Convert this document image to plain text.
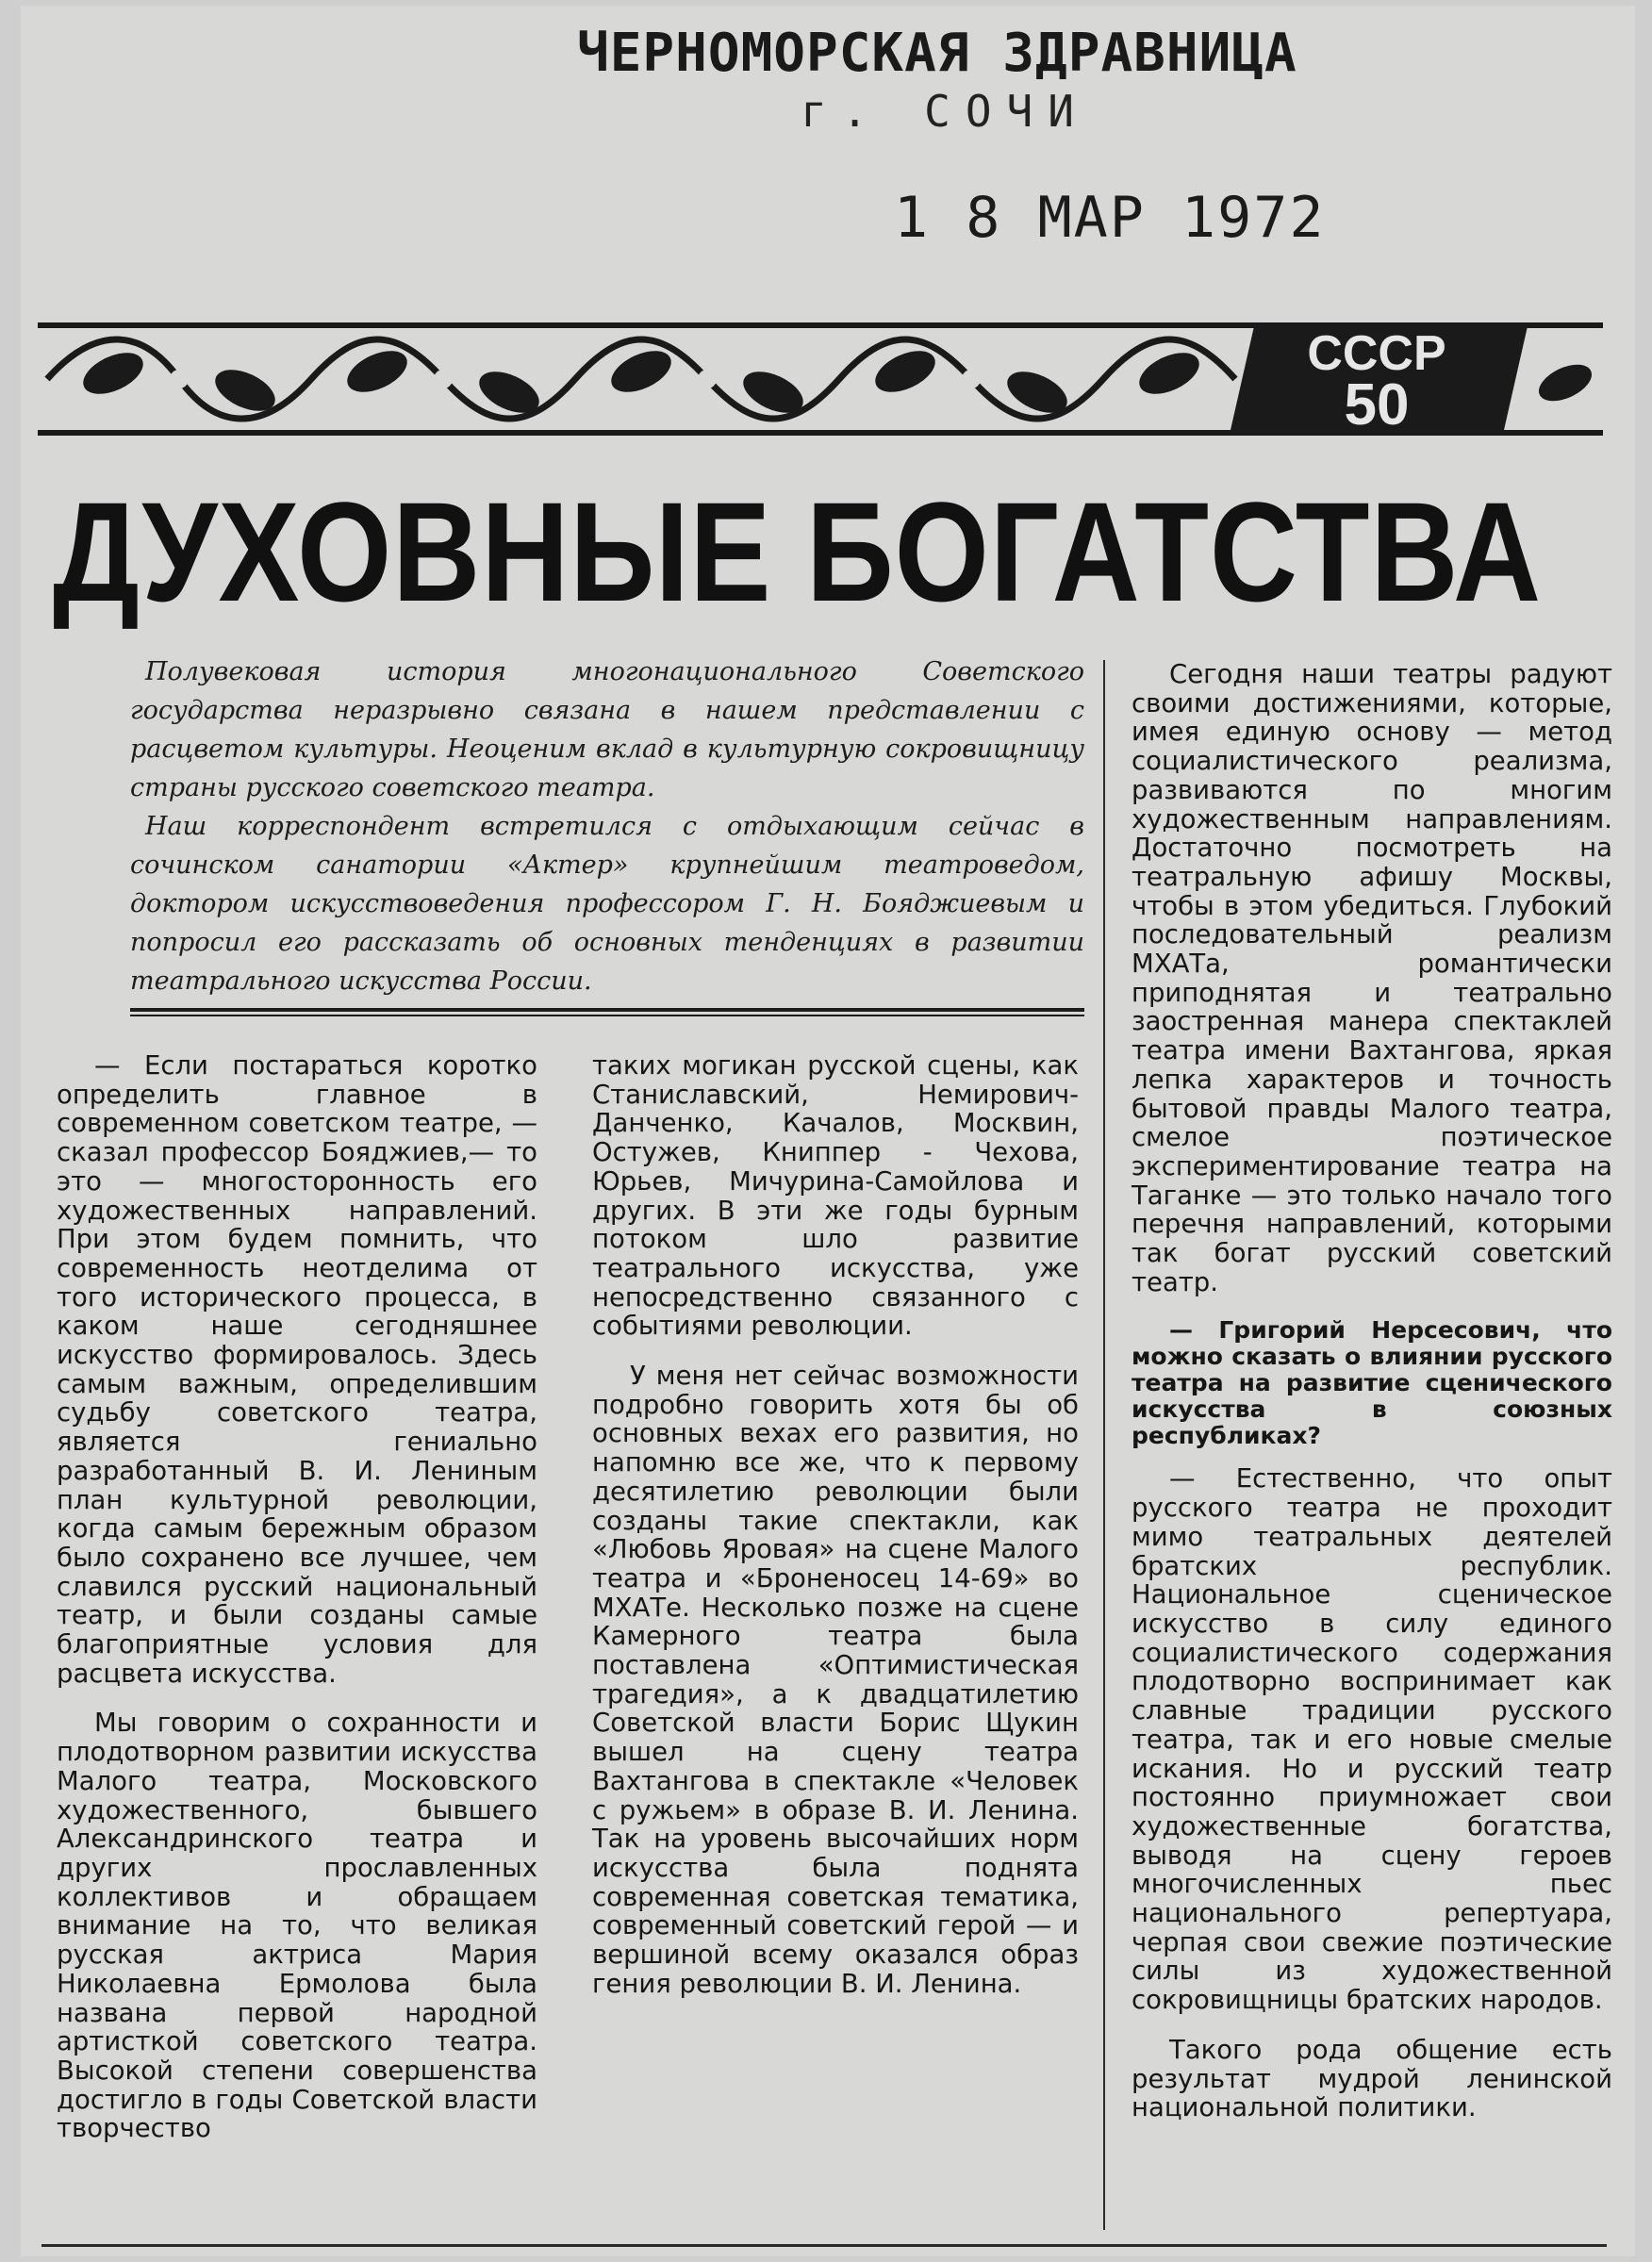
ЧЕРНОМОРСКАЯ ЗДРАВНИЦА
г. СОЧИ
1 8 МАР 1972
СССР
50
ДУХОВНЫЕ БОГАТСТВА

Полувековая история многонационального Советского государства неразрывно связана в нашем представлении с расцветом культуры. Неоценим вклад в культурную сокровищницу страны русского советского театра.

Наш корреспондент встретился с отдыхающим сейчас в сочинском санатории «Актер» крупнейшим театроведом, доктором искусствоведения профессором Г. Н. Бояджиевым и попросил его рассказать об основных тенденциях в развитии театрального искусства России.

— Если постараться коротко определить главное в современном советском театре, — сказал профессор Бояджиев,— то это — многосторонность его художественных направлений. При этом будем помнить, что современность неотделима от того исторического процесса, в каком наше сегодняшнее искусство формировалось. Здесь самым важным, определившим судьбу советского театра, является гениально разработанный В. И. Лениным план культурной революции, когда самым бережным образом было сохранено все лучшее, чем славился русский национальный театр, и были созданы самые благоприятные условия для расцвета искусства.

Мы говорим о сохранности и плодотворном развитии искусства Малого театра, Московского художественного, бывшего Александринского театра и других прославленных коллективов и обращаем внимание на то, что великая русская актриса Мария Николаевна Ермолова была названа первой народной артисткой советского театра. Высокой степени совершенства достигло в годы Советской власти творчество

таких могикан русской сцены, как Станиславский, Немирович-Данченко, Качалов, Москвин, Остужев, Книппер - Чехова, Юрьев, Мичурина-Самойлова и других. В эти же годы бурным потоком шло развитие театрального искусства, уже непосредственно связанного с событиями революции.

У меня нет сейчас возможности подробно говорить хотя бы об основных вехах его развития, но напомню все же, что к первому десятилетию революции были созданы такие спектакли, как «Любовь Яровая» на сцене Малого театра и «Броненосец 14-69» во МХАТе. Несколько позже на сцене Камерного театра была поставлена «Оптимистическая трагедия», а к двадцатилетию Советской власти Борис Щукин вышел на сцену театра Вахтангова в спектакле «Человек с ружьем» в образе В. И. Ленина. Так на уровень высочайших норм искусства была поднята современная советская тематика, современный советский герой — и вершиной всему оказался образ гения революции В. И. Ленина.

Сегодня наши театры радуют своими достижениями, которые, имея единую основу — метод социалистического реализма, развиваются по многим художественным направлениям. Достаточно посмотреть на театральную афишу Москвы, чтобы в этом убедиться. Глубокий последовательный реализм МХАТа, романтически приподнятая и театрально заостренная манера спектаклей театра имени Вахтангова, яркая лепка характеров и точность бытовой правды Малого театра, смелое поэтическое экспериментирование театра на Таганке — это только начало того перечня направлений, которыми так богат русский советский театр.

— Григорий Нерсесович, что можно сказать о влиянии русского театра на развитие сценического искусства в союзных республиках?

— Естественно, что опыт русского театра не проходит мимо театральных деятелей братских республик. Национальное сценическое искусство в силу единого социалистического содержания плодотворно воспринимает как славные традиции русского театра, так и его новые смелые искания. Но и русский театр постоянно приумножает свои художественные богатства, выводя на сцену героев многочисленных пьес национального репертуара, черпая свои свежие поэтические силы из художественной сокровищницы братских народов.

Такого рода общение есть результат мудрой ленинской национальной политики.
